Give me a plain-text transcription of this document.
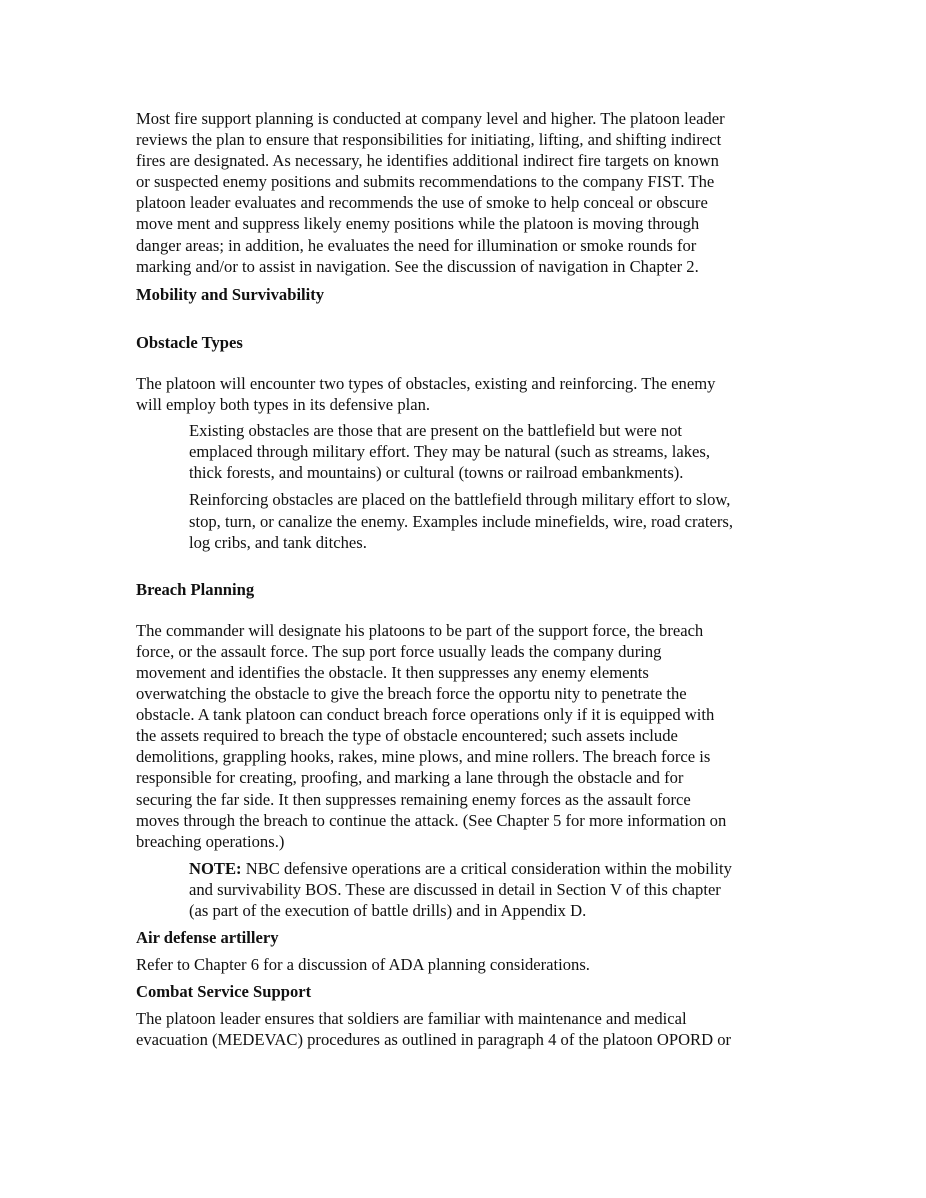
Most fire support planning is conducted at company level and higher. The platoon leader
reviews the plan to ensure that responsibilities for initiating, lifting, and shifting indirect
fires are designated. As necessary, he identifies additional indirect fire targets on known
or suspected enemy positions and submits recommendations to the company FIST. The
platoon leader evaluates and recommends the use of smoke to help conceal or obscure
move ment and suppress likely enemy positions while the platoon is moving through
danger areas; in addition, he evaluates the need for illumination or smoke rounds for
marking and/or to assist in navigation. See the discussion of navigation in Chapter 2.

Mobility and Survivability

Obstacle Types

The platoon will encounter two types of obstacles, existing and reinforcing. The enemy
will employ both types in its defensive plan.

Existing obstacles are those that are present on the battlefield but were not
emplaced through military effort. They may be natural (such as streams, lakes,
thick forests, and mountains) or cultural (towns or railroad embankments).

Reinforcing obstacles are placed on the battlefield through military effort to slow,
stop, turn, or canalize the enemy. Examples include minefields, wire, road craters,
log cribs, and tank ditches.

Breach Planning

The commander will designate his platoons to be part of the support force, the breach
force, or the assault force. The sup port force usually leads the company during
movement and identifies the obstacle. It then suppresses any enemy elements
overwatching the obstacle to give the breach force the opportu nity to penetrate the
obstacle. A tank platoon can conduct breach force operations only if it is equipped with
the assets required to breach the type of obstacle encountered; such assets include
demolitions, grappling hooks, rakes, mine plows, and mine rollers. The breach force is
responsible for creating, proofing, and marking a lane through the obstacle and for
securing the far side. It then suppresses remaining enemy forces as the assault force
moves through the breach to continue the attack. (See Chapter 5 for more information on
breaching operations.)

NOTE: NBC defensive operations are a critical consideration within the mobility
and survivability BOS. These are discussed in detail in Section V of this chapter
(as part of the execution of battle drills) and in Appendix D.

Air defense artillery

Refer to Chapter 6 for a discussion of ADA planning considerations.

Combat Service Support

The platoon leader ensures that soldiers are familiar with maintenance and medical
evacuation (MEDEVAC) procedures as outlined in paragraph 4 of the platoon OPORD or
